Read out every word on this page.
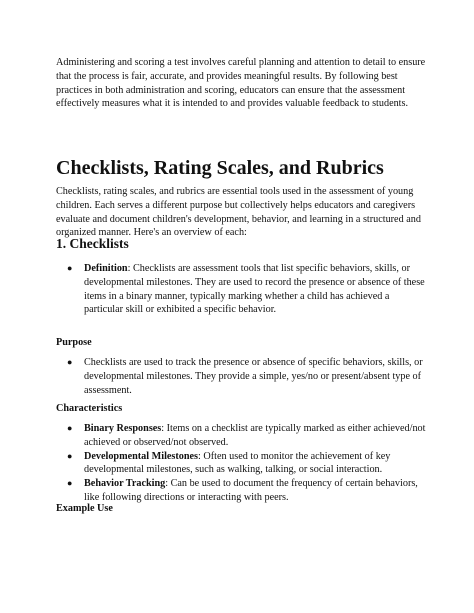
Administering and scoring a test involves careful planning and attention to detail to ensure that the process is fair, accurate, and provides meaningful results. By following best practices in both administration and scoring, educators can ensure that the assessment effectively measures what it is intended to and provides valuable feedback to students.

Checklists, Rating Scales, and Rubrics

Checklists, rating scales, and rubrics are essential tools used in the assessment of young children. Each serves a different purpose but collectively helps educators and caregivers evaluate and document children's development, behavior, and learning in a structured and organized manner. Here's an overview of each:

1. Checklists
● Definition: Checklists are assessment tools that list specific behaviors, skills, or developmental milestones. They are used to record the presence or absence of these items in a binary manner, typically marking whether a child has achieved a particular skill or exhibited a specific behavior.
Purpose
● Checklists are used to track the presence or absence of specific behaviors, skills, or developmental milestones. They provide a simple, yes/no or present/absent type of assessment.
Characteristics
● Binary Responses: Items on a checklist are typically marked as either achieved/not achieved or observed/not observed.
● Developmental Milestones: Often used to monitor the achievement of key developmental milestones, such as walking, talking, or social interaction.
● Behavior Tracking: Can be used to document the frequency of certain behaviors, like following directions or interacting with peers.
Example Use
